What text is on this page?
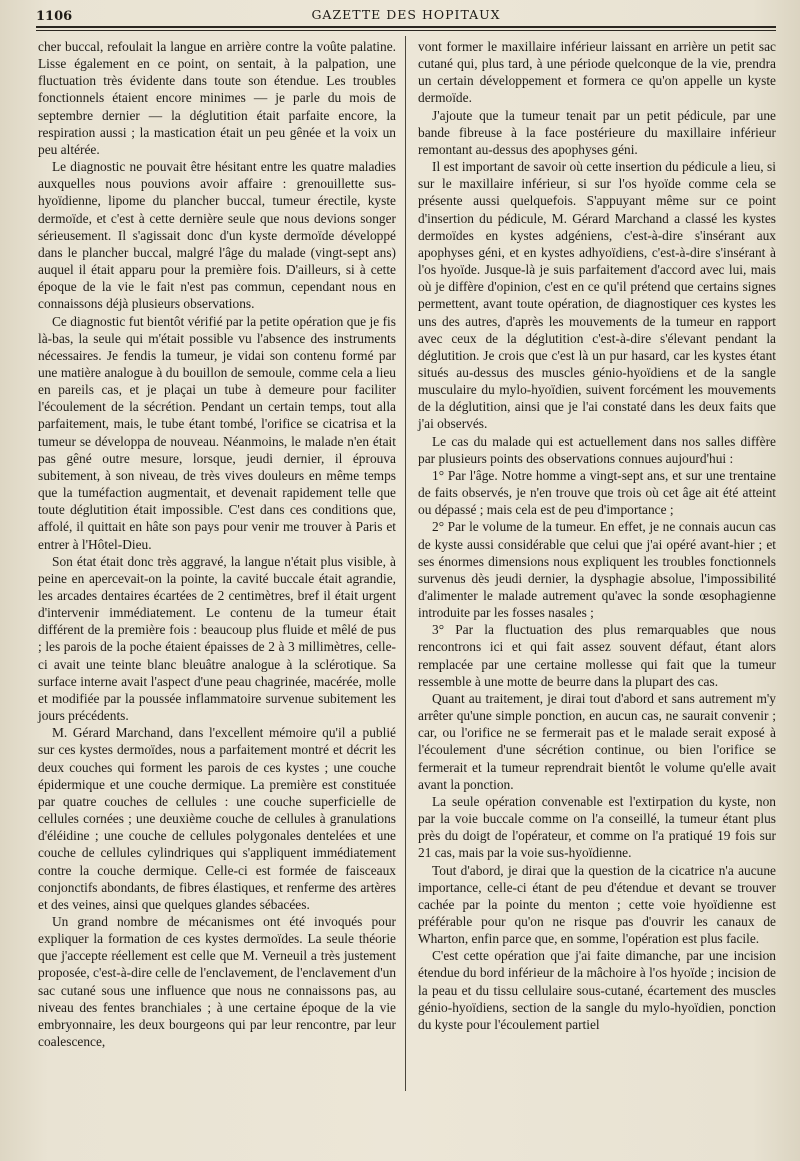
1106	GAZETTE DES HOPITAUX

cher buccal, refoulait la langue en arrière contre la voûte palatine. Lisse également en ce point, on sentait, à la palpation, une fluctuation très évidente dans toute son étendue. Les troubles fonctionnels étaient encore minimes — je parle du mois de septembre dernier — la déglutition était parfaite encore, la respiration aussi ; la mastication était un peu gênée et la voix un peu altérée.

Le diagnostic ne pouvait être hésitant entre les quatre maladies auxquelles nous pouvions avoir affaire : grenouillette sus-hyoïdienne, lipome du plancher buccal, tumeur érectile, kyste dermoïde, et c'est à cette dernière seule que nous devions songer sérieusement. Il s'agissait donc d'un kyste dermoïde développé dans le plancher buccal, malgré l'âge du malade (vingt-sept ans) auquel il était apparu pour la première fois. D'ailleurs, si à cette époque de la vie le fait n'est pas commun, cependant nous en connaissons déjà plusieurs observations.

Ce diagnostic fut bientôt vérifié par la petite opération que je fis là-bas, la seule qui m'était possible vu l'absence des instruments nécessaires. Je fendis la tumeur, je vidai son contenu formé par une matière analogue à du bouillon de semoule, comme cela a lieu en pareils cas, et je plaçai un tube à demeure pour faciliter l'écoulement de la sécrétion. Pendant un certain temps, tout alla parfaitement, mais, le tube étant tombé, l'orifice se cicatrisa et la tumeur se développa de nouveau. Néanmoins, le malade n'en était pas gêné outre mesure, lorsque, jeudi dernier, il éprouva subitement, à son niveau, de très vives douleurs en même temps que la tuméfaction augmentait, et devenait rapidement telle que toute déglutition était impossible. C'est dans ces conditions que, affolé, il quittait en hâte son pays pour venir me trouver à Paris et entrer à l'Hôtel-Dieu.

Son état était donc très aggravé, la langue n'était plus visible, à peine en apercevait-on la pointe, la cavité buccale était agrandie, les arcades dentaires écartées de 2 centimètres, bref il était urgent d'intervenir immédiatement. Le contenu de la tumeur était différent de la première fois : beaucoup plus fluide et mêlé de pus ; les parois de la poche étaient épaisses de 2 à 3 millimètres, celle-ci avait une teinte blanc bleuâtre analogue à la sclérotique. Sa surface interne avait l'aspect d'une peau chagrinée, macérée, molle et modifiée par la poussée inflammatoire survenue subitement les jours précédents.

M. Gérard Marchand, dans l'excellent mémoire qu'il a publié sur ces kystes dermoïdes, nous a parfaitement montré et décrit les deux couches qui forment les parois de ces kystes ; une couche épidermique et une couche dermique. La première est constituée par quatre couches de cellules : une couche superficielle de cellules cornées ; une deuxième couche de cellules à granulations d'éléidine ; une couche de cellules polygonales dentelées et une couche de cellules cylindriques qui s'appliquent immédiatement contre la couche dermique. Celle-ci est formée de faisceaux conjonctifs abondants, de fibres élastiques, et renferme des artères et des veines, ainsi que quelques glandes sébacées.

Un grand nombre de mécanismes ont été invoqués pour expliquer la formation de ces kystes dermoïdes. La seule théorie que j'accepte réellement est celle que M. Verneuil a très justement proposée, c'est-à-dire celle de l'enclavement, de l'enclavement d'un sac cutané sous une influence que nous ne connaissons pas, au niveau des fentes branchiales ; à une certaine époque de la vie embryonnaire, les deux bourgeons qui par leur rencontre, par leur coalescence,

vont former le maxillaire inférieur laissant en arrière un petit sac cutané qui, plus tard, à une période quelconque de la vie, prendra un certain développement et formera ce qu'on appelle un kyste dermoïde.

J'ajoute que la tumeur tenait par un petit pédicule, par une bande fibreuse à la face postérieure du maxillaire inférieur remontant au-dessus des apophyses géni.

Il est important de savoir où cette insertion du pédicule a lieu, si sur le maxillaire inférieur, si sur l'os hyoïde comme cela se présente aussi quelquefois. S'appuyant même sur ce point d'insertion du pédicule, M. Gérard Marchand a classé les kystes dermoïdes en kystes adgéniens, c'est-à-dire s'insérant aux apophyses géni, et en kystes adhyoïdiens, c'est-à-dire s'insérant à l'os hyoïde. Jusque-là je suis parfaitement d'accord avec lui, mais où je diffère d'opinion, c'est en ce qu'il prétend que certains signes permettent, avant toute opération, de diagnostiquer ces kystes les uns des autres, d'après les mouvements de la tumeur en rapport avec ceux de la déglutition c'est-à-dire s'élevant pendant la déglutition. Je crois que c'est là un pur hasard, car les kystes étant situés au-dessus des muscles génio-hyoïdiens et de la sangle musculaire du mylo-hyoïdien, suivent forcément les mouvements de la déglutition, ainsi que je l'ai constaté dans les deux faits que j'ai observés.

Le cas du malade qui est actuellement dans nos salles diffère par plusieurs points des observations connues aujourd'hui :

1° Par l'âge. Notre homme a vingt-sept ans, et sur une trentaine de faits observés, je n'en trouve que trois où cet âge ait été atteint ou dépassé ; mais cela est de peu d'importance ;

2° Par le volume de la tumeur. En effet, je ne connais aucun cas de kyste aussi considérable que celui que j'ai opéré avant-hier ; et ses énormes dimensions nous expliquent les troubles fonctionnels survenus dès jeudi dernier, la dysphagie absolue, l'impossibilité d'alimenter le malade autrement qu'avec la sonde œsophagienne introduite par les fosses nasales ;

3° Par la fluctuation des plus remarquables que nous rencontrons ici et qui fait assez souvent défaut, étant alors remplacée par une certaine mollesse qui fait que la tumeur ressemble à une motte de beurre dans la plupart des cas.

Quant au traitement, je dirai tout d'abord et sans autrement m'y arrêter qu'une simple ponction, en aucun cas, ne saurait convenir ; car, ou l'orifice ne se fermerait pas et le malade serait exposé à l'écoulement d'une sécrétion continue, ou bien l'orifice se fermerait et la tumeur reprendrait bientôt le volume qu'elle avait avant la ponction.

La seule opération convenable est l'extirpation du kyste, non par la voie buccale comme on l'a conseillé, la tumeur étant plus près du doigt de l'opérateur, et comme on l'a pratiqué 19 fois sur 21 cas, mais par la voie sus-hyoïdienne.

Tout d'abord, je dirai que la question de la cicatrice n'a aucune importance, celle-ci étant de peu d'étendue et devant se trouver cachée par la pointe du menton ; cette voie hyoïdienne est préférable pour qu'on ne risque pas d'ouvrir les canaux de Wharton, enfin parce que, en somme, l'opération est plus facile.

C'est cette opération que j'ai faite dimanche, par une incision étendue du bord inférieur de la mâchoire à l'os hyoïde ; incision de la peau et du tissu cellulaire sous-cutané, écartement des muscles génio-hyoïdiens, section de la sangle du mylo-hyoïdien, ponction du kyste pour l'écoulement partiel
